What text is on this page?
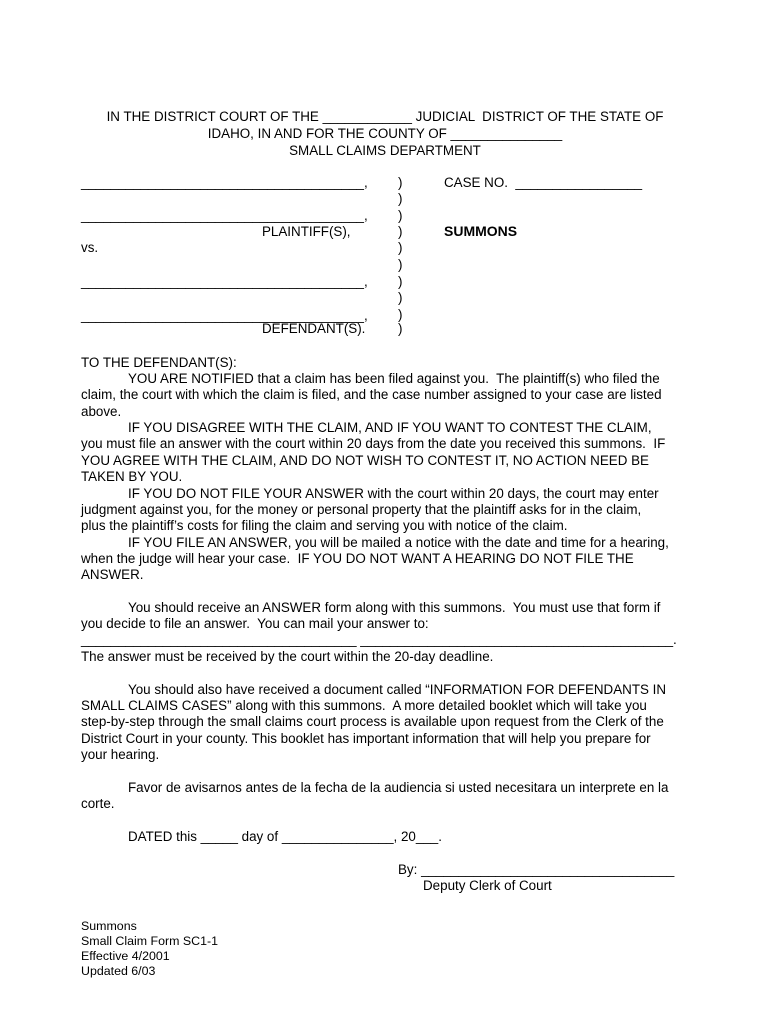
IN THE DISTRICT COURT OF THE ____________ JUDICIAL  DISTRICT OF THE STATE OF
IDAHO, IN AND FOR THE COUNTY OF _______________
SMALL CLAIMS DEPARTMENT
______________________________________,
______________________________________,
PLAINTIFF(S),
vs.
______________________________________,
______________________________________,
DEFENDANT(S).
)
)
)
)
)
)
)
)
)
)
CASE NO.  _________________
SUMMONS
TO THE DEFENDANT(S):
YOU ARE NOTIFIED that a claim has been filed against you.  The plaintiff(s) who filed the
claim, the court with which the claim is filed, and the case number assigned to your case are listed
above.
IF YOU DISAGREE WITH THE CLAIM, AND IF YOU WANT TO CONTEST THE CLAIM,
you must file an answer with the court within 20 days from the date you received this summons.  IF
YOU AGREE WITH THE CLAIM, AND DO NOT WISH TO CONTEST IT, NO ACTION NEED BE
TAKEN BY YOU.
IF YOU DO NOT FILE YOUR ANSWER with the court within 20 days, the court may enter
judgment against you, for the money or personal property that the plaintiff asks for in the claim,
plus the plaintiff’s costs for filing the claim and serving you with notice of the claim.
IF YOU FILE AN ANSWER, you will be mailed a notice with the date and time for a hearing,
when the judge will hear your case.  IF YOU DO NOT WANT A HEARING DO NOT FILE THE
ANSWER.
You should receive an ANSWER form along with this summons.  You must use that form if
you decide to file an answer.  You can mail your answer to:
_____________________________________ __________________________________________.
The answer must be received by the court within the 20-day deadline.
You should also have received a document called “INFORMATION FOR DEFENDANTS IN
SMALL CLAIMS CASES” along with this summons.  A more detailed booklet which will take you
step-by-step through the small claims court process is available upon request from the Clerk of the
District Court in your county. This booklet has important information that will help you prepare for
your hearing.
Favor de avisarnos antes de la fecha de la audiencia si usted necesitara un interprete en la
corte.
DATED this _____ day of _______________, 20___.
By: __________________________________
Deputy Clerk of Court
Summons
Small Claim Form SC1-1
Effective 4/2001
Updated 6/03
